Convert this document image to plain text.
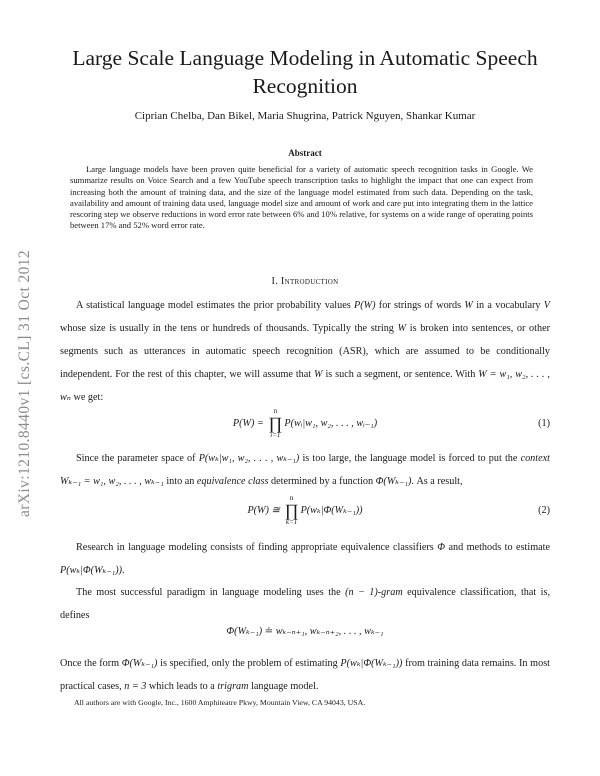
arXiv:1210.8440v1 [cs.CL] 31 Oct 2012
Large Scale Language Modeling in Automatic Speech Recognition
Ciprian Chelba, Dan Bikel, Maria Shugrina, Patrick Nguyen, Shankar Kumar
Abstract
Large language models have been proven quite beneficial for a variety of automatic speech recognition tasks in Google. We summarize results on Voice Search and a few YouTube speech transcription tasks to highlight the impact that one can expect from increasing both the amount of training data, and the size of the language model estimated from such data. Depending on the task, availability and amount of training data used, language model size and amount of work and care put into integrating them in the lattice rescoring step we observe reductions in word error rate between 6% and 10% relative, for systems on a wide range of operating points between 17% and 52% word error rate.
I. Introduction
A statistical language model estimates the prior probability values P(W) for strings of words W in a vocabulary V whose size is usually in the tens or hundreds of thousands. Typically the string W is broken into sentences, or other segments such as utterances in automatic speech recognition (ASR), which are assumed to be conditionally independent. For the rest of this chapter, we will assume that W is such a segment, or sentence. With W = w₁, w₂, . . . , wₙ we get:
P(W) =
n
∏
i=1
P(wᵢ|w₁, w₂, . . . , wᵢ₋₁)	(1)
Since the parameter space of P(wₖ|w₁, w₂, . . . , wₖ₋₁) is too large, the language model is forced to put the context Wₖ₋₁ = w₁, w₂, . . . , wₖ₋₁ into an equivalence class determined by a function Φ(Wₖ₋₁). As a result,
P(W) ≅
n
∏
k=1
P(wₖ|Φ(Wₖ₋₁))	(2)
Research in language modeling consists of finding appropriate equivalence classifiers Φ and methods to estimate P(wₖ|Φ(Wₖ₋₁)).
The most successful paradigm in language modeling uses the (n − 1)-gram equivalence classification, that is, defines
Φ(Wₖ₋₁) ≐ wₖ₋ₙ₊₁, wₖ₋ₙ₊₂, . . . , wₖ₋₁
Once the form Φ(Wₖ₋₁) is specified, only the problem of estimating P(wₖ|Φ(Wₖ₋₁)) from training data remains. In most practical cases, n = 3 which leads to a trigram language model.
All authors are with Google, Inc., 1600 Amphiteatre Pkwy, Mountain View, CA 94043, USA.
